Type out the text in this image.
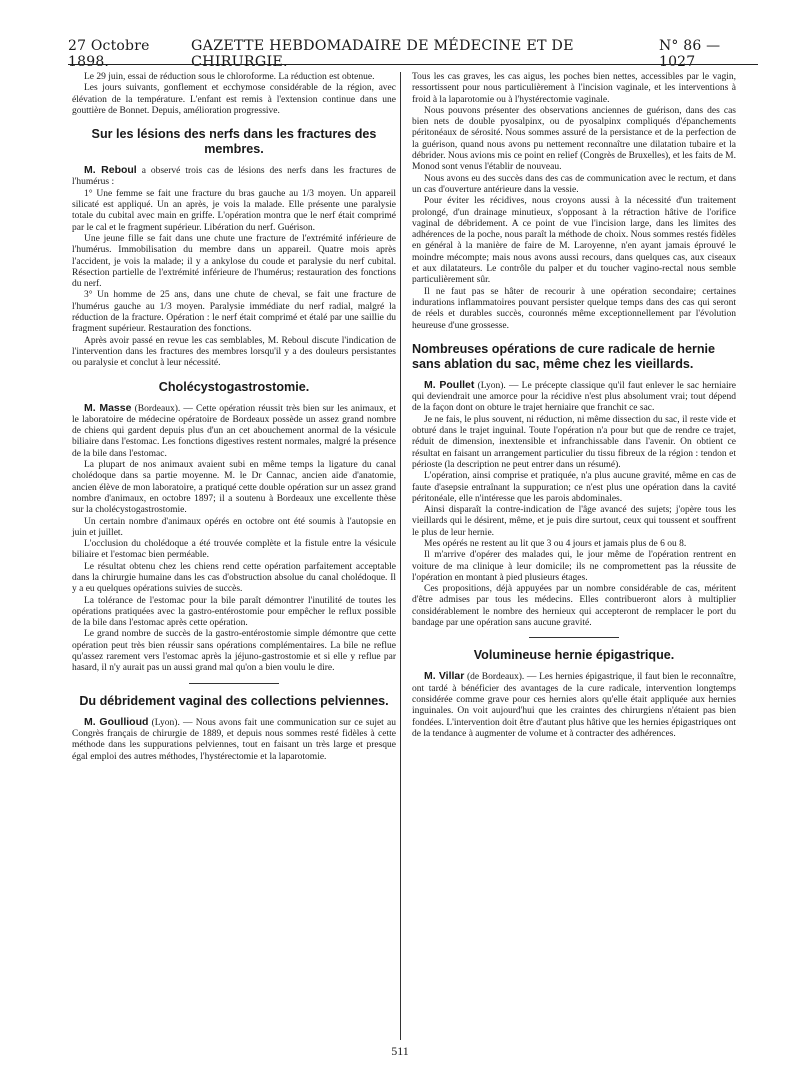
27 Octobre 1898.
GAZETTE HEBDOMADAIRE DE MÉDECINE ET DE CHIRURGIE.
N° 86 — 1027

Le 29 juin, essai de réduction sous le chloroforme. La réduction est obtenue.

Les jours suivants, gonflement et ecchymose considérable de la région, avec élévation de la température. L'enfant est remis à l'extension continue dans une gouttière de Bonnet. Depuis, amélioration progressive.

Sur les lésions des nerfs dans les fractures des membres.

M. Reboul a observé trois cas de lésions des nerfs dans les fractures de l'humérus :

1° Une femme se fait une fracture du bras gauche au 1/3 moyen. Un appareil silicaté est appliqué. Un an après, je vois la malade. Elle présente une paralysie totale du cubital avec main en griffe. L'opération montra que le nerf était comprimé par le cal et le fragment supérieur. Libération du nerf. Guérison.

Une jeune fille se fait dans une chute une fracture de l'extrémité inférieure de l'humérus. Immobilisation du membre dans un appareil. Quatre mois après l'accident, je vois la malade; il y a ankylose du coude et paralysie du nerf cubital. Résection partielle de l'extrémité inférieure de l'humérus; restauration des fonctions du nerf.

3° Un homme de 25 ans, dans une chute de cheval, se fait une fracture de l'humérus gauche au 1/3 moyen. Paralysie immédiate du nerf radial, malgré la réduction de la fracture. Opération : le nerf était comprimé et étalé par une saillie du fragment supérieur. Restauration des fonctions.

Après avoir passé en revue les cas semblables, M. Reboul discute l'indication de l'intervention dans les fractures des membres lorsqu'il y a des douleurs persistantes ou paralysie et conclut à leur nécessité.

Cholécystogastrostomie.

M. Masse (Bordeaux). — Cette opération réussit très bien sur les animaux, et le laboratoire de médecine opératoire de Bordeaux possède un assez grand nombre de chiens qui gardent depuis plus d'un an cet abouchement anormal de la vésicule biliaire dans l'estomac. Les fonctions digestives restent normales, malgré la présence de la bile dans l'estomac.

La plupart de nos animaux avaient subi en même temps la ligature du canal cholédoque dans sa partie moyenne. M. le Dr Cannac, ancien aide d'anatomie, ancien élève de mon laboratoire, a pratiqué cette double opération sur un assez grand nombre d'animaux, en octobre 1897; il a soutenu à Bordeaux une excellente thèse sur la cholécystogastrostomie.

Un certain nombre d'animaux opérés en octobre ont été soumis à l'autopsie en juin et juillet.

L'occlusion du cholédoque a été trouvée complète et la fistule entre la vésicule biliaire et l'estomac bien perméable.

Le résultat obtenu chez les chiens rend cette opération parfaitement acceptable dans la chirurgie humaine dans les cas d'obstruction absolue du canal cholédoque. Il y a eu quelques opérations suivies de succès.

La tolérance de l'estomac pour la bile paraît démontrer l'inutilité de toutes les opérations pratiquées avec la gastro-entérostomie pour empêcher le reflux possible de la bile dans l'estomac après cette opération.

Le grand nombre de succès de la gastro-entérostomie simple démontre que cette opération peut très bien réussir sans opérations complémentaires. La bile ne reflue qu'assez rarement vers l'estomac après la jéjuno-gastrostomie et si elle y reflue par hasard, il n'y aurait pas un aussi grand mal qu'on a bien voulu le dire.

Du débridement vaginal des collections pelviennes.

M. Goullioud (Lyon). — Nous avons fait une communication sur ce sujet au Congrès français de chirurgie de 1889, et depuis nous sommes resté fidèles à cette méthode dans les suppurations pelviennes, tout en faisant un très large et presque égal emploi des autres méthodes, l'hystérectomie et la laparotomie.

Tous les cas graves, les cas aigus, les poches bien nettes, accessibles par le vagin, ressortissent pour nous particulièrement à l'incision vaginale, et les interventions à froid à la laparotomie ou à l'hystérectomie vaginale.

Nous pouvons présenter des observations anciennes de guérison, dans des cas bien nets de double pyosalpinx, ou de pyosalpinx compliqués d'épanchements péritonéaux de sérosité. Nous sommes assuré de la persistance et de la perfection de la guérison, quand nous avons pu nettement reconnaître une dilatation tubaire et la débrider. Nous avions mis ce point en relief (Congrès de Bruxelles), et les faits de M. Monod sont venus l'établir de nouveau.

Nous avons eu des succès dans des cas de communication avec le rectum, et dans un cas d'ouverture antérieure dans la vessie.

Pour éviter les récidives, nous croyons aussi à la nécessité d'un traitement prolongé, d'un drainage minutieux, s'opposant à la rétraction hâtive de l'orifice vaginal de débridement. A ce point de vue l'incision large, dans les limites des adhérences de la poche, nous paraît la méthode de choix. Nous sommes restés fidèles en général à la manière de faire de M. Laroyenne, n'en ayant jamais éprouvé le moindre mécompte; mais nous avons aussi recours, dans quelques cas, aux ciseaux et aux dilatateurs. Le contrôle du palper et du toucher vagino-rectal nous semble particulièrement sûr.

Il ne faut pas se hâter de recourir à une opération secondaire; certaines indurations inflammatoires pouvant persister quelque temps dans des cas qui seront de réels et durables succès, couronnés même exceptionnellement par l'évolution heureuse d'une grossesse.

Nombreuses opérations de cure radicale de hernie sans ablation du sac, même chez les vieillards.

M. Poullet (Lyon). — Le précepte classique qu'il faut enlever le sac herniaire qui deviendrait une amorce pour la récidive n'est plus absolument vrai; tout dépend de la façon dont on obture le trajet herniaire que franchit ce sac.

Je ne fais, le plus souvent, ni réduction, ni même dissection du sac, il reste vide et obturé dans le trajet inguinal. Toute l'opération n'a pour but que de rendre ce trajet, réduit de dimension, inextensible et infranchissable dans l'avenir. On obtient ce résultat en faisant un arrangement particulier du tissu fibreux de la région : tendon et périoste (la description ne peut entrer dans un résumé).

L'opération, ainsi comprise et pratiquée, n'a plus aucune gravité, même en cas de faute d'asepsie entraînant la suppuration; ce n'est plus une opération dans la cavité péritonéale, elle n'intéresse que les parois abdominales.

Ainsi disparaît la contre-indication de l'âge avancé des sujets; j'opère tous les vieillards qui le désirent, même, et je puis dire surtout, ceux qui toussent et souffrent le plus de leur hernie.

Mes opérés ne restent au lit que 3 ou 4 jours et jamais plus de 6 ou 8.

Il m'arrive d'opérer des malades qui, le jour même de l'opération rentrent en voiture de ma clinique à leur domicile; ils ne compromettent pas la réussite de l'opération en montant à pied plusieurs étages.

Ces propositions, déjà appuyées par un nombre considérable de cas, méritent d'être admises par tous les médecins. Elles contribueront alors à multiplier considérablement le nombre des hernieux qui accepteront de remplacer le port du bandage par une opération sans aucune gravité.

Volumineuse hernie épigastrique.

M. Villar (de Bordeaux). — Les hernies épigastrique, il faut bien le reconnaître, ont tardé à bénéficier des avantages de la cure radicale, intervention longtemps considérée comme grave pour ces hernies alors qu'elle était appliquée aux hernies inguinales. On voit aujourd'hui que les craintes des chirurgiens n'étaient pas bien fondées. L'intervention doit être d'autant plus hâtive que les hernies épigastriques ont de la tendance à augmenter de volume et à contracter des adhérences.

511
